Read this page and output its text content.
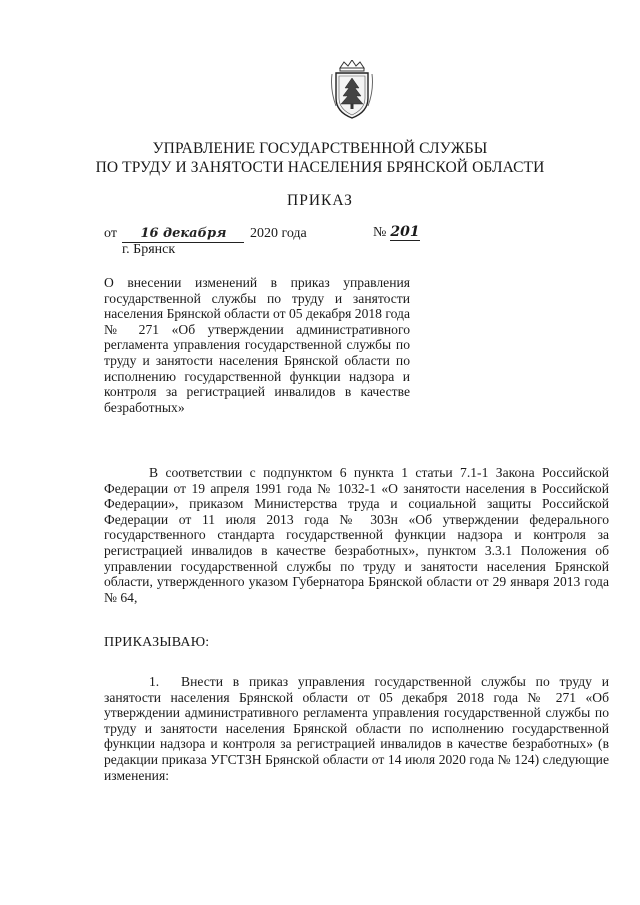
УПРАВЛЕНИЕ ГОСУДАРСТВЕННОЙ СЛУЖБЫ
ПО ТРУДУ И ЗАНЯТОСТИ НАСЕЛЕНИЯ БРЯНСКОЙ ОБЛАСТИ
ПРИКАЗ
от 16 декабря 2020 года	№ 201
г. Брянск
О внесении изменений в приказ управления государственной службы по труду и занятости населения Брянской области от 05 декабря 2018 года № 271 «Об утверждении административного регламента управления государственной службы по труду и занятости населения Брянской области по исполнению государственной функции надзора и контроля за регистрацией инвалидов в качестве безработных»
В соответствии с подпунктом 6 пункта 1 статьи 7.1-1 Закона Российской Федерации от 19 апреля 1991 года № 1032-1 «О занятости населения в Российской Федерации», приказом Министерства труда и социальной защиты Российской Федерации от 11 июля 2013 года № 303н «Об утверждении федерального государственного стандарта государственной функции надзора и контроля за регистрацией инвалидов в качестве безработных», пунктом 3.3.1 Положения об управлении государственной службы по труду и занятости населения Брянской области, утвержденного указом Губернатора Брянской области от 29 января 2013 года № 64,
ПРИКАЗЫВАЮ:
1. Внести в приказ управления государственной службы по труду и занятости населения Брянской области от 05 декабря 2018 года № 271 «Об утверждении административного регламента управления государственной службы по труду и занятости населения Брянской области по исполнению государственной функции надзора и контроля за регистрацией инвалидов в качестве безработных» (в редакции приказа УГСТЗН Брянской области от 14 июля 2020 года № 124) следующие изменения:
